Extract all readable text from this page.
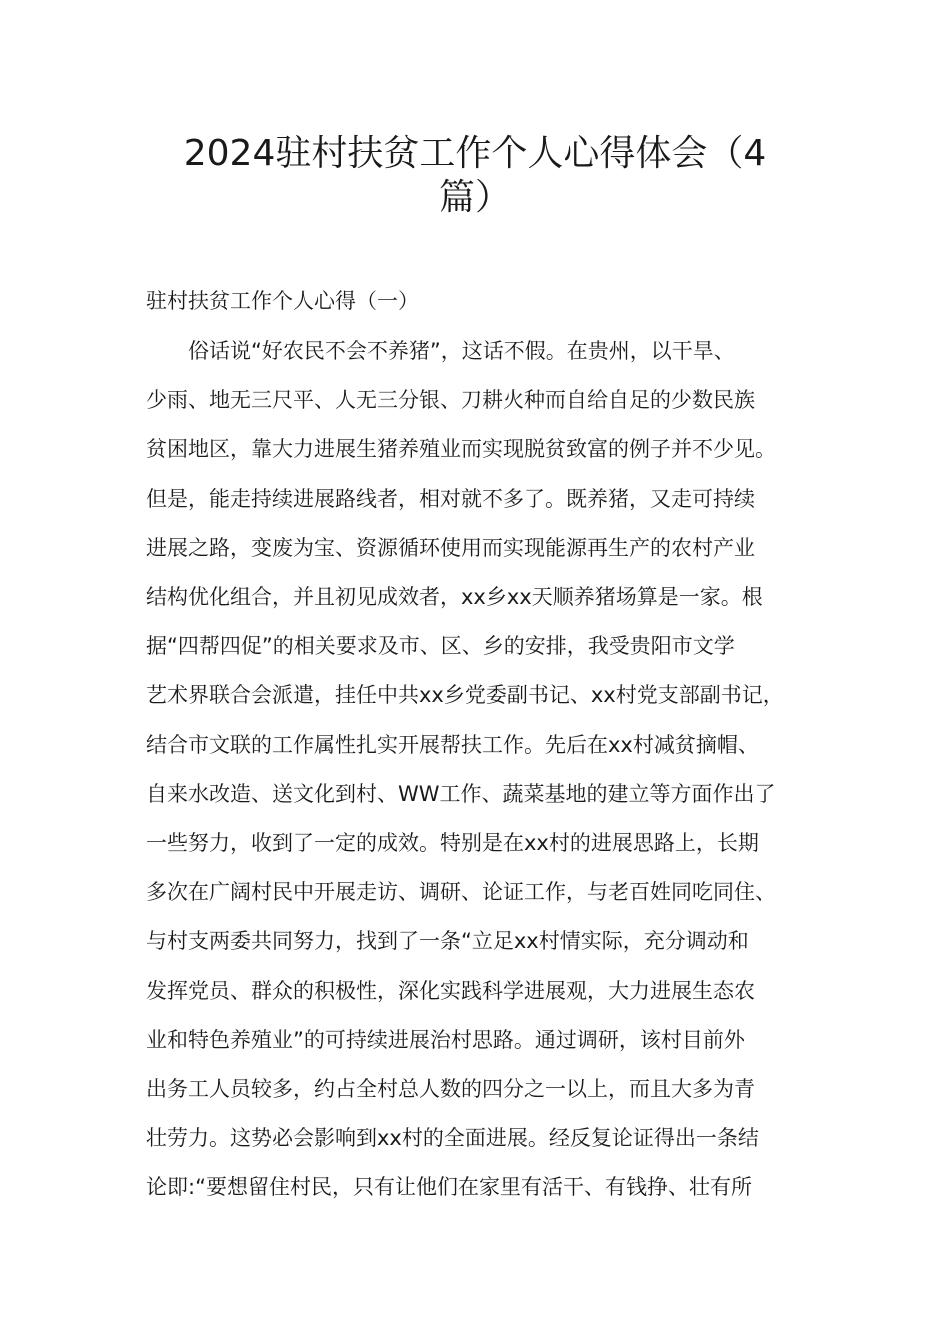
2024驻村扶贫工作个人心得体会（4
篇）

驻村扶贫工作个人心得（一）

俗话说“好农民不会不养猪”，这话不假。在贵州，以干旱、

少雨、地无三尺平、人无三分银、刀耕火种而自给自足的少数民族

贫困地区，靠大力进展生猪养殖业而实现脱贫致富的例子并不少见。

但是，能走持续进展路线者，相对就不多了。既养猪，又走可持续

进展之路，变废为宝、资源循环使用而实现能源再生产的农村产业

结构优化组合，并且初见成效者，xx乡xx天顺养猪场算是一家。根

据“四帮四促”的相关要求及市、区、乡的安排，我受贵阳市文学

艺术界联合会派遣，挂任中共xx乡党委副书记、xx村党支部副书记，

结合市文联的工作属性扎实开展帮扶工作。先后在xx村减贫摘帽、

自来水改造、送文化到村、WW工作、蔬菜基地的建立等方面作出了

一些努力，收到了一定的成效。特别是在xx村的进展思路上，长期

多次在广阔村民中开展走访、调研、论证工作，与老百姓同吃同住、

与村支两委共同努力，找到了一条“立足xx村情实际，充分调动和

发挥党员、群众的积极性，深化实践科学进展观，大力进展生态农

业和特色养殖业”的可持续进展治村思路。通过调研，该村目前外

出务工人员较多，约占全村总人数的四分之一以上，而且大多为青

壮劳力。这势必会影响到xx村的全面进展。经反复论证得出一条结

论即:“要想留住村民，只有让他们在家里有活干、有钱挣、壮有所
